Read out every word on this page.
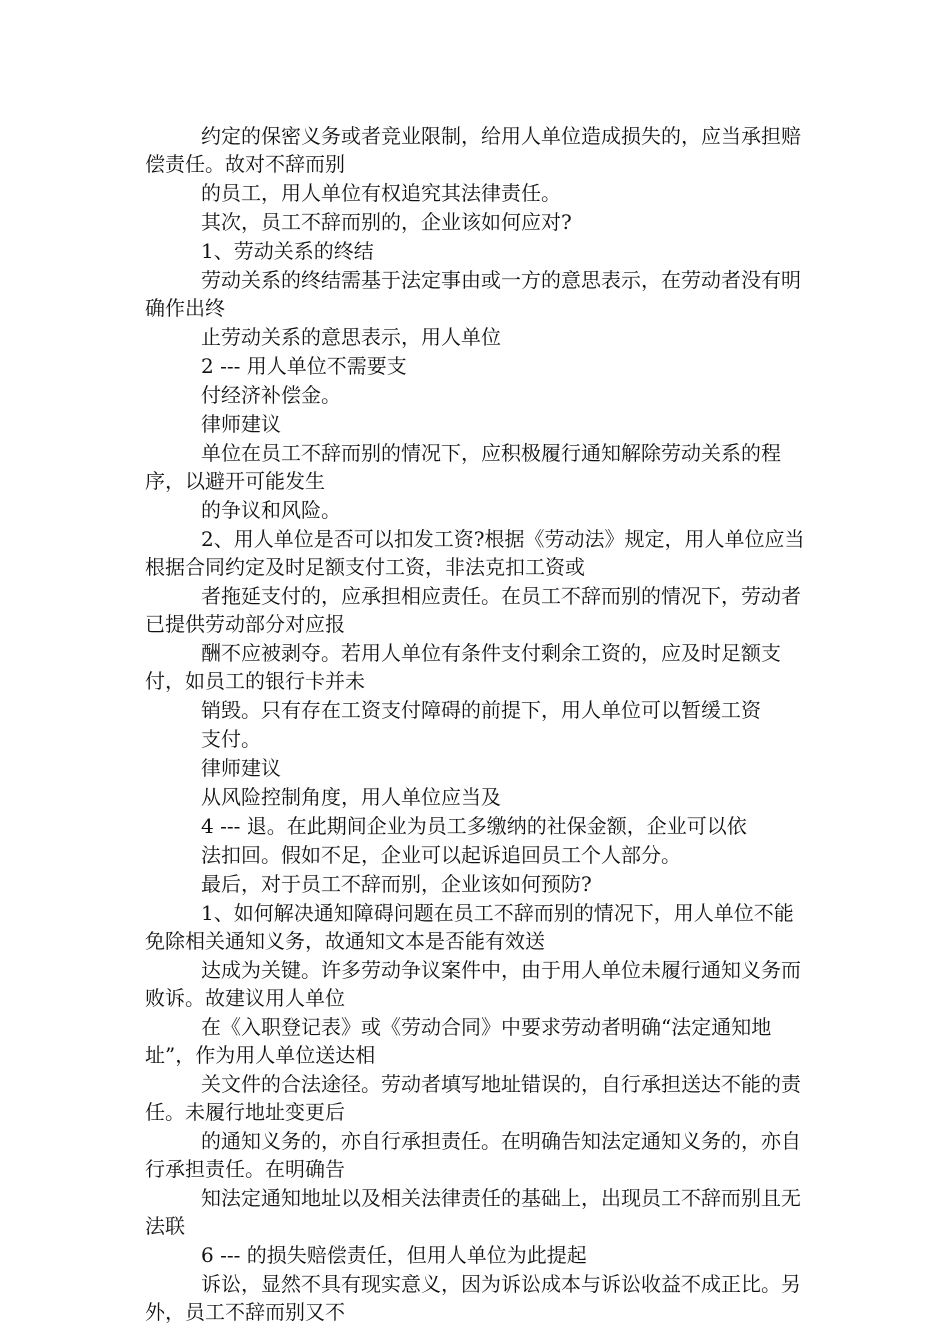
约定的保密义务或者竞业限制，给用人单位造成损失的，应当承担赔偿责任。故对不辞而别

的员工，用人单位有权追究其法律责任。

其次，员工不辞而别的，企业该如何应对?

1、劳动关系的终结

劳动关系的终结需基于法定事由或一方的意思表示，在劳动者没有明确作出终

止劳动关系的意思表示，用人单位

2 --- 用人单位不需要支

付经济补偿金。

律师建议

单位在员工不辞而别的情况下，应积极履行通知解除劳动关系的程序，以避开可能发生

的争议和风险。

2、用人单位是否可以扣发工资?根据《劳动法》规定，用人单位应当根据合同约定及时足额支付工资，非法克扣工资或

者拖延支付的，应承担相应责任。在员工不辞而别的情况下，劳动者已提供劳动部分对应报

酬不应被剥夺。若用人单位有条件支付剩余工资的，应及时足额支付，如员工的银行卡并未

销毁。只有存在工资支付障碍的前提下，用人单位可以暂缓工资

支付。

律师建议

从风险控制角度，用人单位应当及

4 --- 退。在此期间企业为员工多缴纳的社保金额，企业可以依

法扣回。假如不足，企业可以起诉追回员工个人部分。

最后，对于员工不辞而别，企业该如何预防?

1、如何解决通知障碍问题在员工不辞而别的情况下，用人单位不能免除相关通知义务，故通知文本是否能有效送

达成为关键。许多劳动争议案件中，由于用人单位未履行通知义务而败诉。故建议用人单位

在《入职登记表》或《劳动合同》中要求劳动者明确“法定通知地址”，作为用人单位送达相

关文件的合法途径。劳动者填写地址错误的，自行承担送达不能的责任。未履行地址变更后

的通知义务的，亦自行承担责任。在明确告知法定通知义务的，亦自行承担责任。在明确告

知法定通知地址以及相关法律责任的基础上，出现员工不辞而别且无法联

6 --- 的损失赔偿责任，但用人单位为此提起

诉讼，显然不具有现实意义，因为诉讼成本与诉讼收益不成正比。另外，员工不辞而别又不
